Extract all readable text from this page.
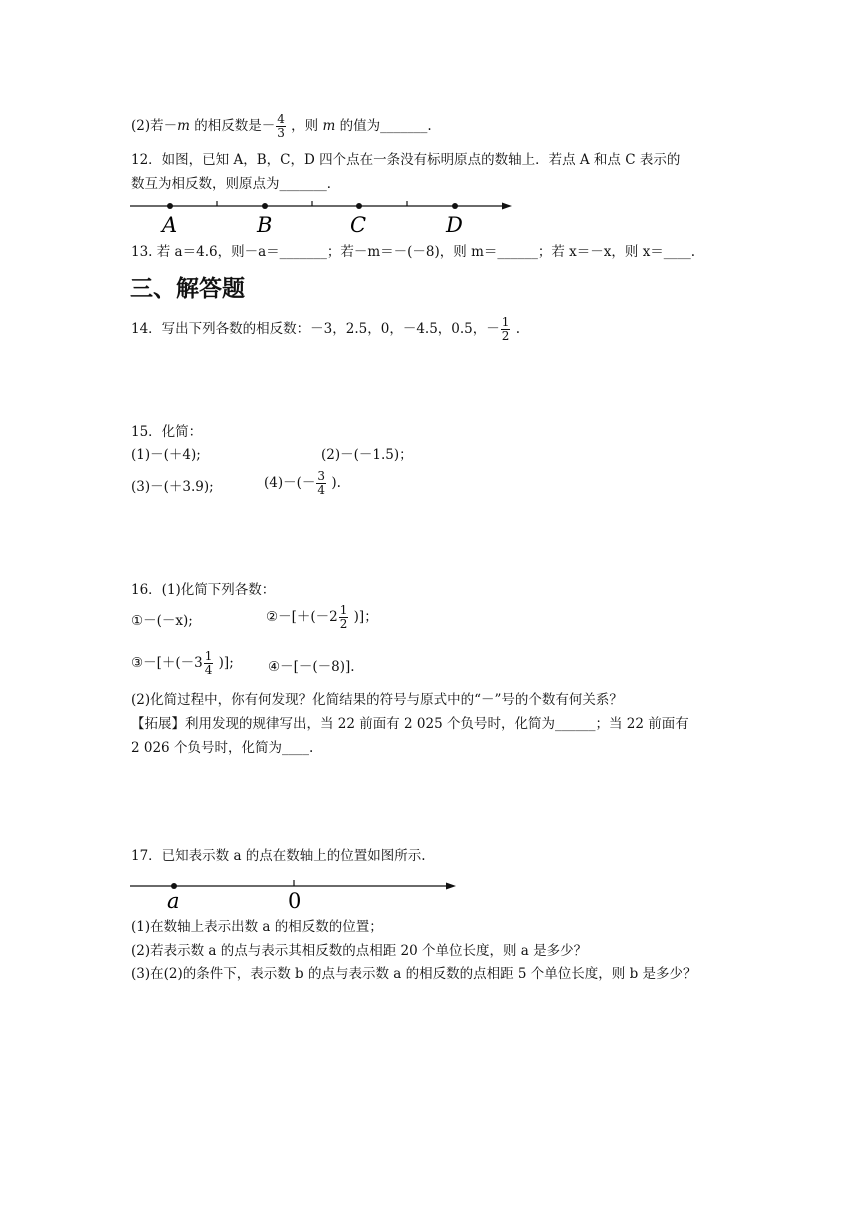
(2)若－m 的相反数是－ $\frac{4}{3}$ ，则 m 的值为_______.
12．如图，已知 A，B，C，D 四个点在一条没有标明原点的数轴上．若点 A 和点 C 表示的
数互为相反数，则原点为_______．
A	B	C	D
13. 若 a＝4.6，则－a＝_______；若－m＝－(－8)，则 m＝______；若 x＝－x，则 x＝____.
三、解答题
14．写出下列各数的相反数：－3，2.5，0，－4.5，0.5，－ $\frac{1}{2}$ .
15．化简：
(1)－(＋4);	(2)－(－1.5)；
(3)－(＋3.9);	$(4)-(- \frac{3}{4}$ ).
16．(1)化简下列各数：
①－(－x);	②－[＋(－2 $\frac{1}{2}$ )]；
③－[＋(－3 $\frac{1}{4}$ )];	④－[－(－8)].
(2)化简过程中，你有何发现？化简结果的符号与原式中的“－”号的个数有何关系？
【拓展】利用发现的规律写出，当 22 前面有 2 025 个负号时，化简为______；当 22 前面有
2 026 个负号时，化简为____.
17．已知表示数 a 的点在数轴上的位置如图所示.
a	0
(1)在数轴上表示出数 a 的相反数的位置；
(2)若表示数 a 的点与表示其相反数的点相距 20 个单位长度，则 a 是多少？
(3)在(2)的条件下，表示数 b 的点与表示数 a 的相反数的点相距 5 个单位长度，则 b 是多少？
